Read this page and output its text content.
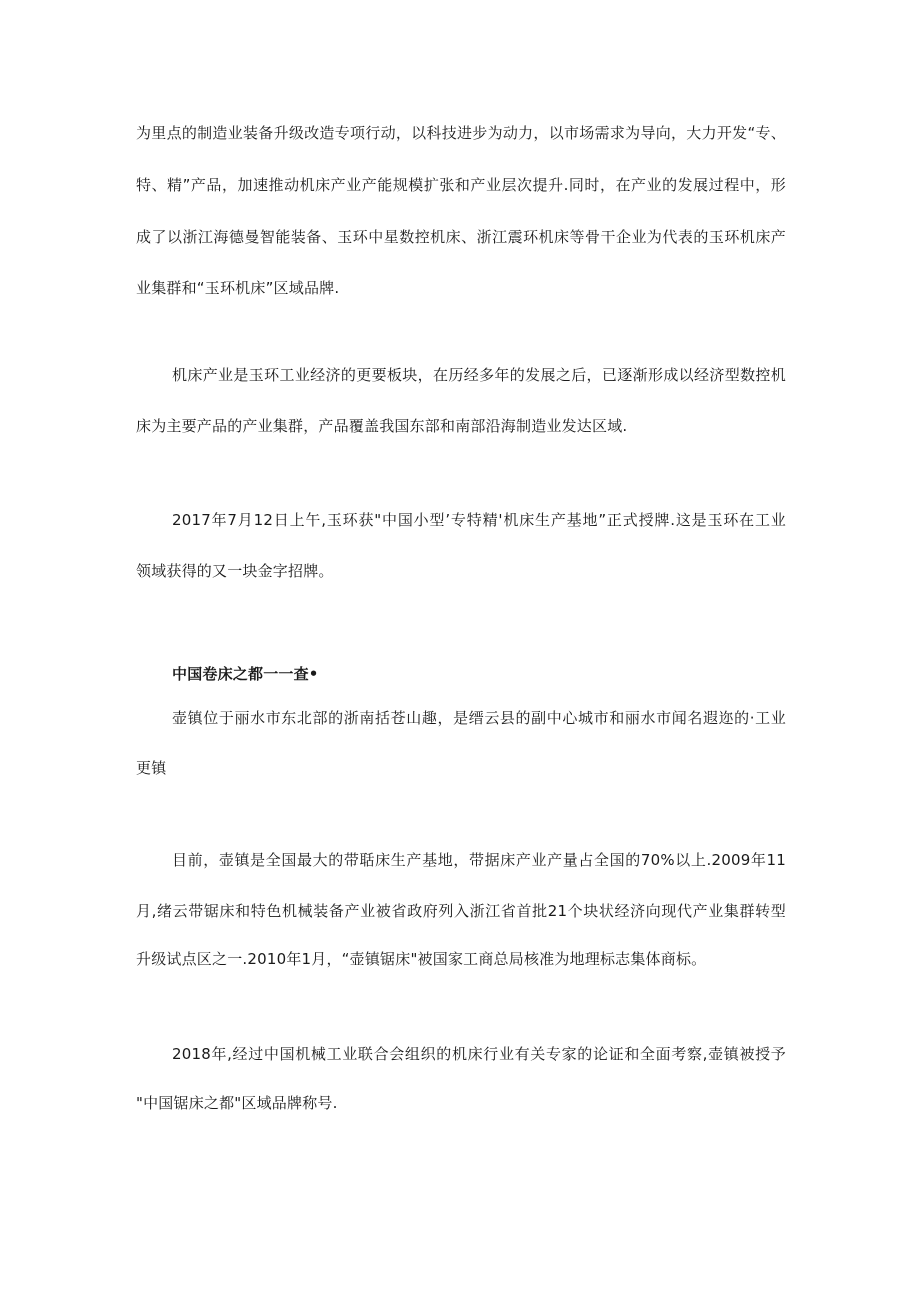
为里点的制造业装备升级改造专项行动，以科技进步为动力，以市场需求为导向，大力开发“专、
特、精”产品，加速推动机床产业产能规模扩张和产业层次提升.同时，在产业的发展过程中，形
成了以浙江海德曼智能装备、玉环中星数控机床、浙江震环机床等骨干企业为代表的玉环机床产
业集群和“玉环机床”区域品牌.
机床产业是玉环工业经济的更要板块，在历经多年的发展之后，已逐渐形成以经济型数控机
床为主要产品的产业集群，产品覆盖我国东部和南部沿海制造业发达区域.
2017年7月12日上午,玉环获"中国小型’专特精'机床生产基地”正式授牌.这是玉环在工业
领域获得的又一块金字招牌。
中国卷床之都一一查•
壶镇位于丽水市东北部的浙南括苍山趣，是缙云县的副中心城市和丽水市闻名遐迩的·工业
更镇
目前，壶镇是全国最大的带聒床生产基地，带据床产业产量占全国的70%以上.2009年11
月,绪云带锯床和特色机械装备产业被省政府列入浙江省首批21个块状经济向现代产业集群转型
升级试点区之一.2010年1月，“壶镇锯床"被国家工商总局核准为地理标志集体商标。
2018年,经过中国机械工业联合会组织的机床行业有关专家的论证和全面考察,壶镇被授予
"中国锯床之都"区域品牌称号.
